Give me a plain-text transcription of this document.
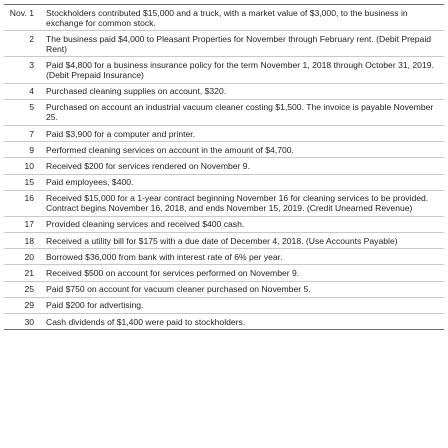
Nov. 1	Stockholders contributed $15,000 and a truck, with a market value of $3,000, to the business in exchange for common stock.
2	The business paid $4,000 to Pleasant Properties for November through February rent. (Debit Prepaid Rent)
3	Paid $4,800 for a business insurance policy for the term November 1, 2018 through October 31, 2019. (Debit Prepaid Insurance)
4	Purchased cleaning supplies on account, $320.
5	Purchased on account an industrial vacuum cleaner costing $1,500. The invoice is payable November 25.
7	Paid $3,900 for a computer and printer.
9	Performed cleaning services on account in the amount of $4,700.
10	Received $200 for services rendered on November 9.
15	Paid employees, $400.
16	Received $15,000 for a 1-year contract beginning November 16 for cleaning services to be provided. Contract begins November 16, 2018, and ends November 15, 2019. (Credit Unearned Revenue)
17	Provided cleaning services and received $400 cash.
18	Received a utility bill for $175 with a due date of December 4, 2018. (Use Accounts Payable)
20	Borrowed $36,000 from bank with interest rate of 6% per year.
21	Received $500 on account for services performed on November 9.
25	Paid $750 on account for vacuum cleaner purchased on November 5.
29	Paid $200 for advertising.
30	Cash dividends of $1,400 were paid to stockholders.
